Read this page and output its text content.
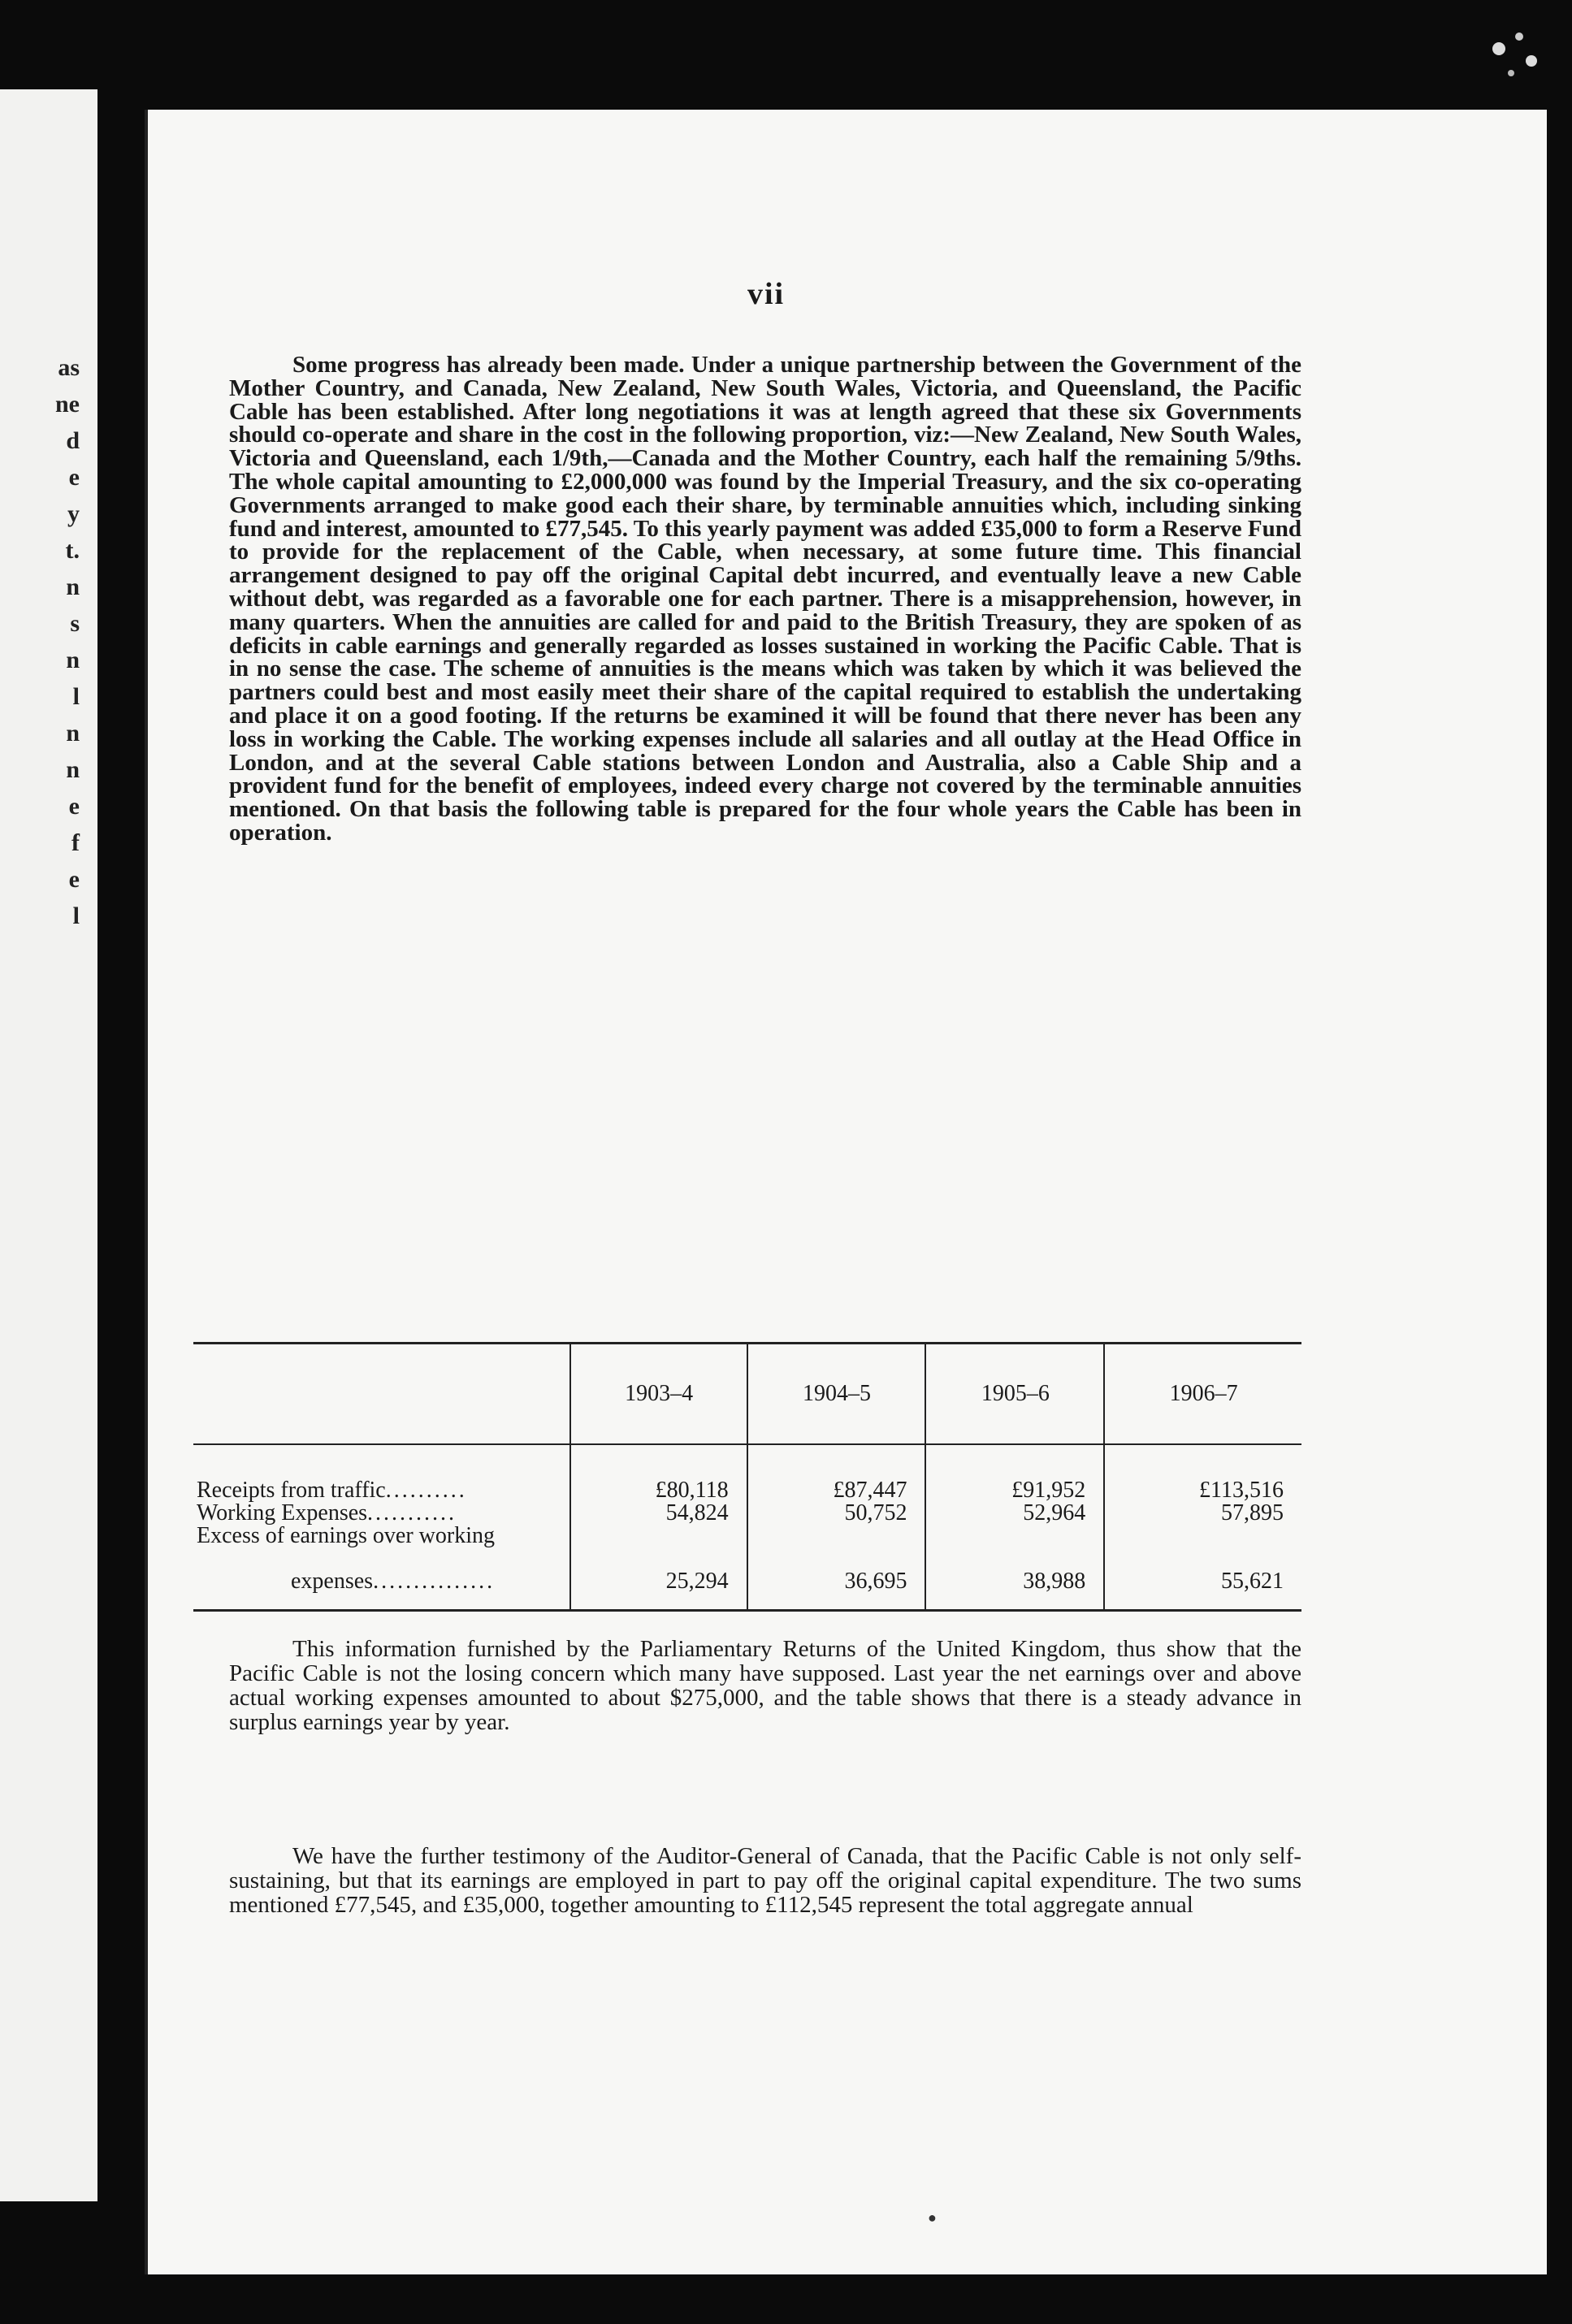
as
ne
d
e
y
t.
n
s
n
l
n
n
e
f
e
l
vii

Some progress has already been made. Under a unique partnership between the Government of the Mother Country, and Canada, New Zealand, New South Wales, Victoria, and Queensland, the Pacific Cable has been established. After long negotiations it was at length agreed that these six Governments should co-operate and share in the cost in the following proportion, viz:—New Zealand, New South Wales, Victoria and Queensland, each 1/9th,—Canada and the Mother Country, each half the remaining 5/9ths. The whole capital amounting to £2,000,000 was found by the Imperial Treasury, and the six co-operating Governments arranged to make good each their share, by terminable annuities which, including sinking fund and interest, amounted to £77,545. To this yearly payment was added £35,000 to form a Reserve Fund to provide for the replacement of the Cable, when necessary, at some future time. This financial arrangement designed to pay off the original Capital debt incurred, and eventually leave a new Cable without debt, was regarded as a favorable one for each partner. There is a misapprehension, however, in many quarters. When the annuities are called for and paid to the British Treasury, they are spoken of as deficits in cable earnings and generally regarded as losses sustained in working the Pacific Cable. That is in no sense the case. The scheme of annuities is the means which was taken by which it was believed the partners could best and most easily meet their share of the capital required to establish the undertaking and place it on a good footing. If the returns be examined it will be found that there never has been any loss in working the Cable. The working expenses include all salaries and all outlay at the Head Office in London, and at the several Cable stations between London and Australia, also a Cable Ship and a provident fund for the benefit of employees, indeed every charge not covered by the terminable annuities mentioned. On that basis the following table is prepared for the four whole years the Cable has been in operation.

	1903–4	1904–5	1905–6	1906–7
Receipts from traffic..........	£80,118	£87,447	£91,952	£113,516
Working Expenses...........	54,824	50,752	52,964	57,895
Excess of earnings over working				
expenses...............	25,294	36,695	38,988	55,621

This information furnished by the Parliamentary Returns of the United Kingdom, thus show that the Pacific Cable is not the losing concern which many have supposed. Last year the net earnings over and above actual working expenses amounted to about $275,000, and the table shows that there is a steady advance in surplus earnings year by year.

We have the further testimony of the Auditor-General of Canada, that the Pacific Cable is not only self-sustaining, but that its earnings are employed in part to pay off the original capital expenditure. The two sums mentioned £77,545, and £35,000, together amounting to £112,545 represent the total aggregate annual

●
